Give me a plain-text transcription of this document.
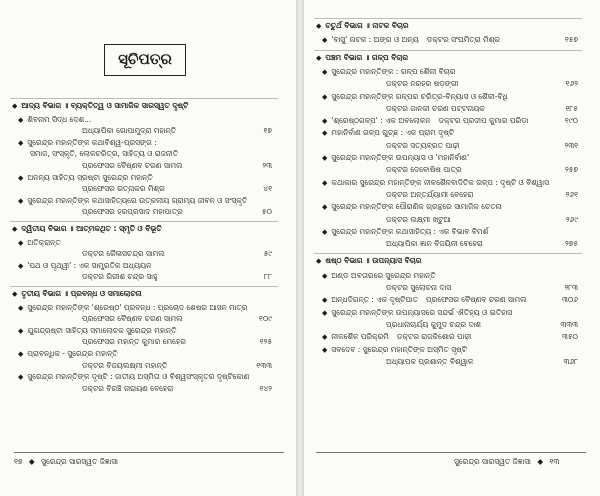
ସୂଚିପତ୍ର
◆ ଆଦ୍ୟ ବିଭାଗ ॥ ବ୍ୟକ୍ତିତ୍ୱ ଓ ସାମାଜିକ ସାରସ୍ୱତ ଦୃଷ୍ଟି
◆ ଶିବନାମ ସିଦ୍ଧ ଦେଶ...
ଅଧ୍ୟାପିକା ଗୋପାମୁଦ୍ରା ମହାନ୍ତି	୧୭
◆ ସୁରେନ୍ଦ୍ର ମହାନ୍ତିଙ୍କ କଥାବିଶ୍ୱ-ପ୍ରସଙ୍ଗ :
ସମାଜ, ସଂସ୍କୃତି, ଲୋକଚରିତ୍ର, ସାହିତ୍ୟ ଓ ରାଜନୀତି
ପ୍ରଫେସର ବୈଷ୍ଣବ ଚରଣ ସାମଲ	୨୩
◆ ଅନନ୍ୟ ସାହିତ୍ୟ ସ୍ରଷ୍ଟା ସୁରେନ୍ଦ୍ର ମହାନ୍ତି
ପ୍ରଫେସର ରତ୍ନାକର ମିଶ୍ର	୪୧
◆ ସୁରେନ୍ଦ୍ର ମହାନ୍ତିଙ୍କ କଥାସାହିତ୍ୟରେ ଉତ୍କଳୀୟ ଗ୍ରାମ୍ୟ ଜୀବନ ଓ ସଂସ୍କୃତି
ପ୍ରଫେସର ହରପ୍ରସାଦ ମହାପାତ୍ର	୫୦
◆ ଦ୍ୱିତୀୟ ବିଭାଗ ॥ ଆତ୍ମକଥିତ : ସ୍ମୃତି ଓ ବିଭୂତି
◆ ଅତିକ୍ରାନ୍ତ
ଡକ୍ଟର କୈଳାସଚନ୍ଦ୍ର ସାମଲ	୫୯
◆ 'ପଥ ଓ ପୃଥ୍ୱୀ' : ଏକ ସାମ୍ପ୍ରତିକ ଅଧ୍ୟୟନ
ଡକ୍ଟର ଗିରୀଶ ଚନ୍ଦ୍ର ସାହୁ	୮୮
◆ ତୃତୀୟ ବିଭାଗ ॥ ପ୍ରବନ୍ଧ ଓ ସମାଲୋଚନା
◆ ସୁରେନ୍ଦ୍ର ମହାନ୍ତିଙ୍କ 'ଶ୍ରେଷ୍ଠ' ପ୍ରବନ୍ଧ : ପ୍ରଚୋଦ ଶେଷର ଆସନ ମାତ୍ର
ପ୍ରଫେସର ବୈଷ୍ଣବ ଚରଣ ସାମଲ	୧୦୯
◆ ଯୁଗନ୍ଦ୍ରଷ୍ଟା ସାହିତ୍ୟ ସମାଲୋଚକ ସୁରେନ୍ଦ୍ର ମହାନ୍ତି
ପ୍ରଫେସର ମହାନ୍ତ କୁମାର ମେହେର	୧୨୫
◆ ପ୍ରାବନ୍ଧିକ - ସୁରେନ୍ଦ୍ର ମହାନ୍ତି
ଡକ୍ଟର ବିଜୟଲକ୍ଷ୍ମୀ ମହାନ୍ତି	୧୩୩
◆ ସୁରେନ୍ଦ୍ର ମହାନ୍ତିଙ୍କ ଦୃଷ୍ଟି : ଜାତୀୟ ଅସ୍ମିତା ଓ ବିଶ୍ୱସଂସ୍କୃତର ଦୃଷ୍ଟିକୋଣ
ଡକ୍ଟର ବିରଞ୍ଚି ନାରାୟଣ ବେହେରା	୧୪୨
୧୭ ◆ ସୁରେନ୍ଦ୍ର ସାରସ୍ୱତ ଜିଜ୍ଞାସା
◆ ଚତୁର୍ଥ ବିଭାଗ ॥ ନାଟକ ବିଚାର
◆ 'ବାସୁ' ନାଟକ : ଅଙ୍ଗ ଓ ଅନ୍ୟ ଡକ୍ଟର ସଂଘମିତ୍ରା ମିଶ୍ର	୧୫୭
◆ ପଞ୍ଚମ ବିଭାଗ ॥ ଗଳ୍ପ ବିଚାର
◆ ସୁରେନ୍ଦ୍ର ମହାନ୍ତିଙ୍କ : ଗଳ୍ପ ଶୈଳୀ ବିଚାର
ଡକ୍ଟର ନରହର ଷଡ଼ଙ୍ଗୀ	୧୬୨
◆ ସୁରେନ୍ଦ୍ର ମହାନ୍ତିଙ୍କ ଗଳ୍ପର ଚରିତ୍ର-ବିନ୍ୟାସ ଓ ଶୈଳୀ-ବିଧି
ଡକ୍ଟର ଜାନକୀ ଚରଣ ପଟ୍ଟନାୟକ	୧୮୫
◆ 'ଶ୍ରେଷ୍ଠଗଳ୍ପ' : ଏକ ଅବଲୋକନ ଡକ୍ଟର ପ୍ରଦୀପ କୁମାର ପରିଡ଼ା	୧୯୦
◆ ମହାନିର୍ବାଣ ଗଳ୍ପ ଗୁଚ୍ଛ : ଏକ ପ୍ରାମ ଦୃଷ୍ଟି
ଡକ୍ଟର ସତ୍ୟବ୍ରତ ପାଢ଼ୀ	୨୩୧
◆ ସୁରେନ୍ଦ୍ର ମହାନ୍ତିଙ୍କ ଉପନ୍ୟାସ ଓ 'ମହାନିର୍ବାଣ'
ଡକ୍ଟର ଦେବୋଷିଷ ପାତ୍ର	୨୫୭
◆ କଥାକାର ସୁରେନ୍ଦ୍ର ମହାନ୍ତିଙ୍କ ନୀଳଶୈଳବାଦିତିକ ଗଳ୍ପ : ଦୃଷ୍ଟି ଓ ବିଶ୍ୱାସ
ଡକ୍ଟର ଅନ୍ତର୍ଯ୍ୟାମୀ ବେହେରା	୨୬୧
◆ ସୁରେନ୍ଦ୍ର ମହାନ୍ତିଙ୍କ ପୌରାଣିକ ଗ୍ରନ୍ଥରେ ସାମାଜିକ ଚେତନା
ଡକ୍ଟର ଲକ୍ଷ୍ମୀ ଖଟୁଆ	୨୬୯
◆ ସୁରେନ୍ଦ୍ର ମହାନ୍ତିଙ୍କ କଥାସାହିତ୍ୟ : ଏକ ବିଭାବ ବିମର୍ଶ
ଅଧ୍ୟାପିକା ଜ୍ଞାନ ବିଜୟିନୀ ବେହେରା	୨୭୫
◆ ଷଷ୍ଠ ବିଭାଗ ॥ ଉପନ୍ୟାସ ବିଚାର
◆ ଅଣ୍ଡ ଅବତାରରେ ସୁରେନ୍ଦ୍ର ମହାନ୍ତି
ଡକ୍ଟର ସୁଲୋଚନା ଦାସ	୨୮୩
◆ ଅନ୍ଧଦିଗନ୍ତ : ଏକ ଦୃଷ୍ଟିପାତ ପ୍ରଫେସର ବୈଷ୍ଣବ ଚରଣ ସାମଲ	୩୦୬
◆ ସୁରେନ୍ଦ୍ର ମହାନ୍ତିଙ୍କ ଉପନ୍ୟାସରେ ସନ୍ଦର୍ଭ ଐତିହ୍ୟ ଓ ଇତିହାସ
ପ୍ରଧାନାଚାର୍ଯ୍ୟ କୁମୁଦ ଚନ୍ଦ୍ର ଦାଶ	୩୩୩
◆ ନୀଳଶୈଳ ପରିକ୍ରମି ଡକ୍ଟର ରାଜକିଶୋର ପାଢ଼ୀ	୩୫୦
◆ ସବଦେବ : ସୁରେନ୍ଦ୍ର ମହାନ୍ତିଙ୍କ ଅସ୍ମିତ ସୃଷ୍ଟି
ଅଧ୍ୟାପକ ପ୍ରଶାନ୍ତ ବିଶ୍ୱାଳ	୩୬୮
ସୁରେନ୍ଦ୍ର ସାରସ୍ୱତ ଜିଜ୍ଞାସା ◆ ୧୩
